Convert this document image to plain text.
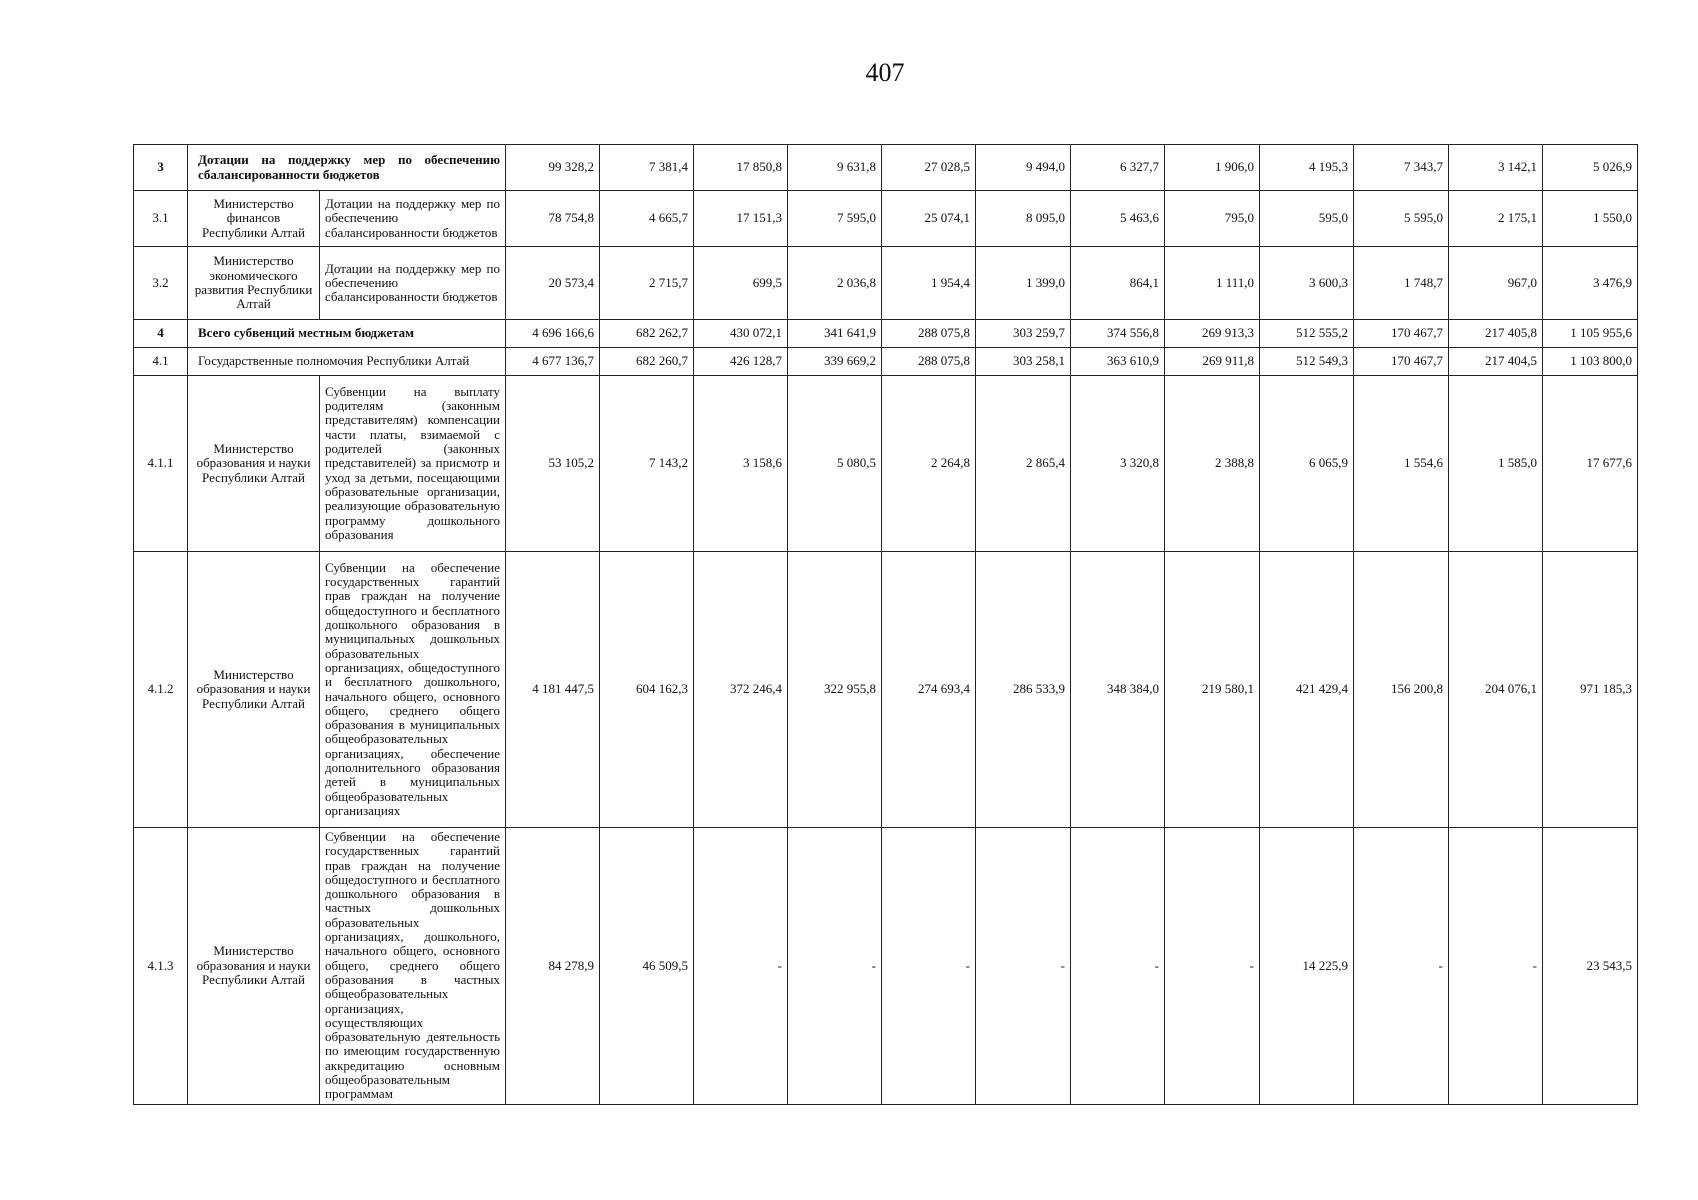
407
3	Дотации на поддержку мер по обеспечению сбалансированности бюджетов		99 328,2	7 381,4	17 850,8	9 631,8	27 028,5	9 494,0	6 327,7	1 906,0	4 195,3	7 343,7	3 142,1	5 026,9
3.1	Министерство финансов Республики Алтай	Дотации на поддержку мер по обеспечению сбалансированности бюджетов	78 754,8	4 665,7	17 151,3	7 595,0	25 074,1	8 095,0	5 463,6	795,0	595,0	5 595,0	2 175,1	1 550,0
3.2	Министерство экономического развития Республики Алтай	Дотации на поддержку мер по обеспечению сбалансированности бюджетов	20 573,4	2 715,7	699,5	2 036,8	1 954,4	1 399,0	864,1	1 111,0	3 600,3	1 748,7	967,0	3 476,9
4	Всего субвенций местным бюджетам		4 696 166,6	682 262,7	430 072,1	341 641,9	288 075,8	303 259,7	374 556,8	269 913,3	512 555,2	170 467,7	217 405,8	1 105 955,6
4.1	Государственные полномочия Республики Алтай		4 677 136,7	682 260,7	426 128,7	339 669,2	288 075,8	303 258,1	363 610,9	269 911,8	512 549,3	170 467,7	217 404,5	1 103 800,0
4.1.1	Министерство образования и науки Республики Алтай	Субвенции на выплату родителям (законным представителям) компенсации части платы, взимаемой с родителей (законных представителей) за присмотр и уход за детьми, посещающими образовательные организации, реализующие образовательную программу дошкольного образования	53 105,2	7 143,2	3 158,6	5 080,5	2 264,8	2 865,4	3 320,8	2 388,8	6 065,9	1 554,6	1 585,0	17 677,6
4.1.2	Министерство образования и науки Республики Алтай	Субвенции на обеспечение государственных гарантий прав граждан на получение общедоступного и бесплатного дошкольного образования в муниципальных дошкольных образовательных организациях, общедоступного и бесплатного дошкольного, начального общего, основного общего, среднего общего образования в муниципальных общеобразовательных организациях, обеспечение дополнительного образования детей в муниципальных общеобразовательных организациях	4 181 447,5	604 162,3	372 246,4	322 955,8	274 693,4	286 533,9	348 384,0	219 580,1	421 429,4	156 200,8	204 076,1	971 185,3
4.1.3	Министерство образования и науки Республики Алтай	Субвенции на обеспечение государственных гарантий прав граждан на получение общедоступного и бесплатного дошкольного образования в частных дошкольных образовательных организациях, дошкольного, начального общего, основного общего, среднего общего образования в частных общеобразовательных организациях, осуществляющих образовательную деятельность по имеющим государственную аккредитацию основным общеобразовательным программам	84 278,9	46 509,5	-	-	-	-	-	-	14 225,9	-	-	23 543,5
